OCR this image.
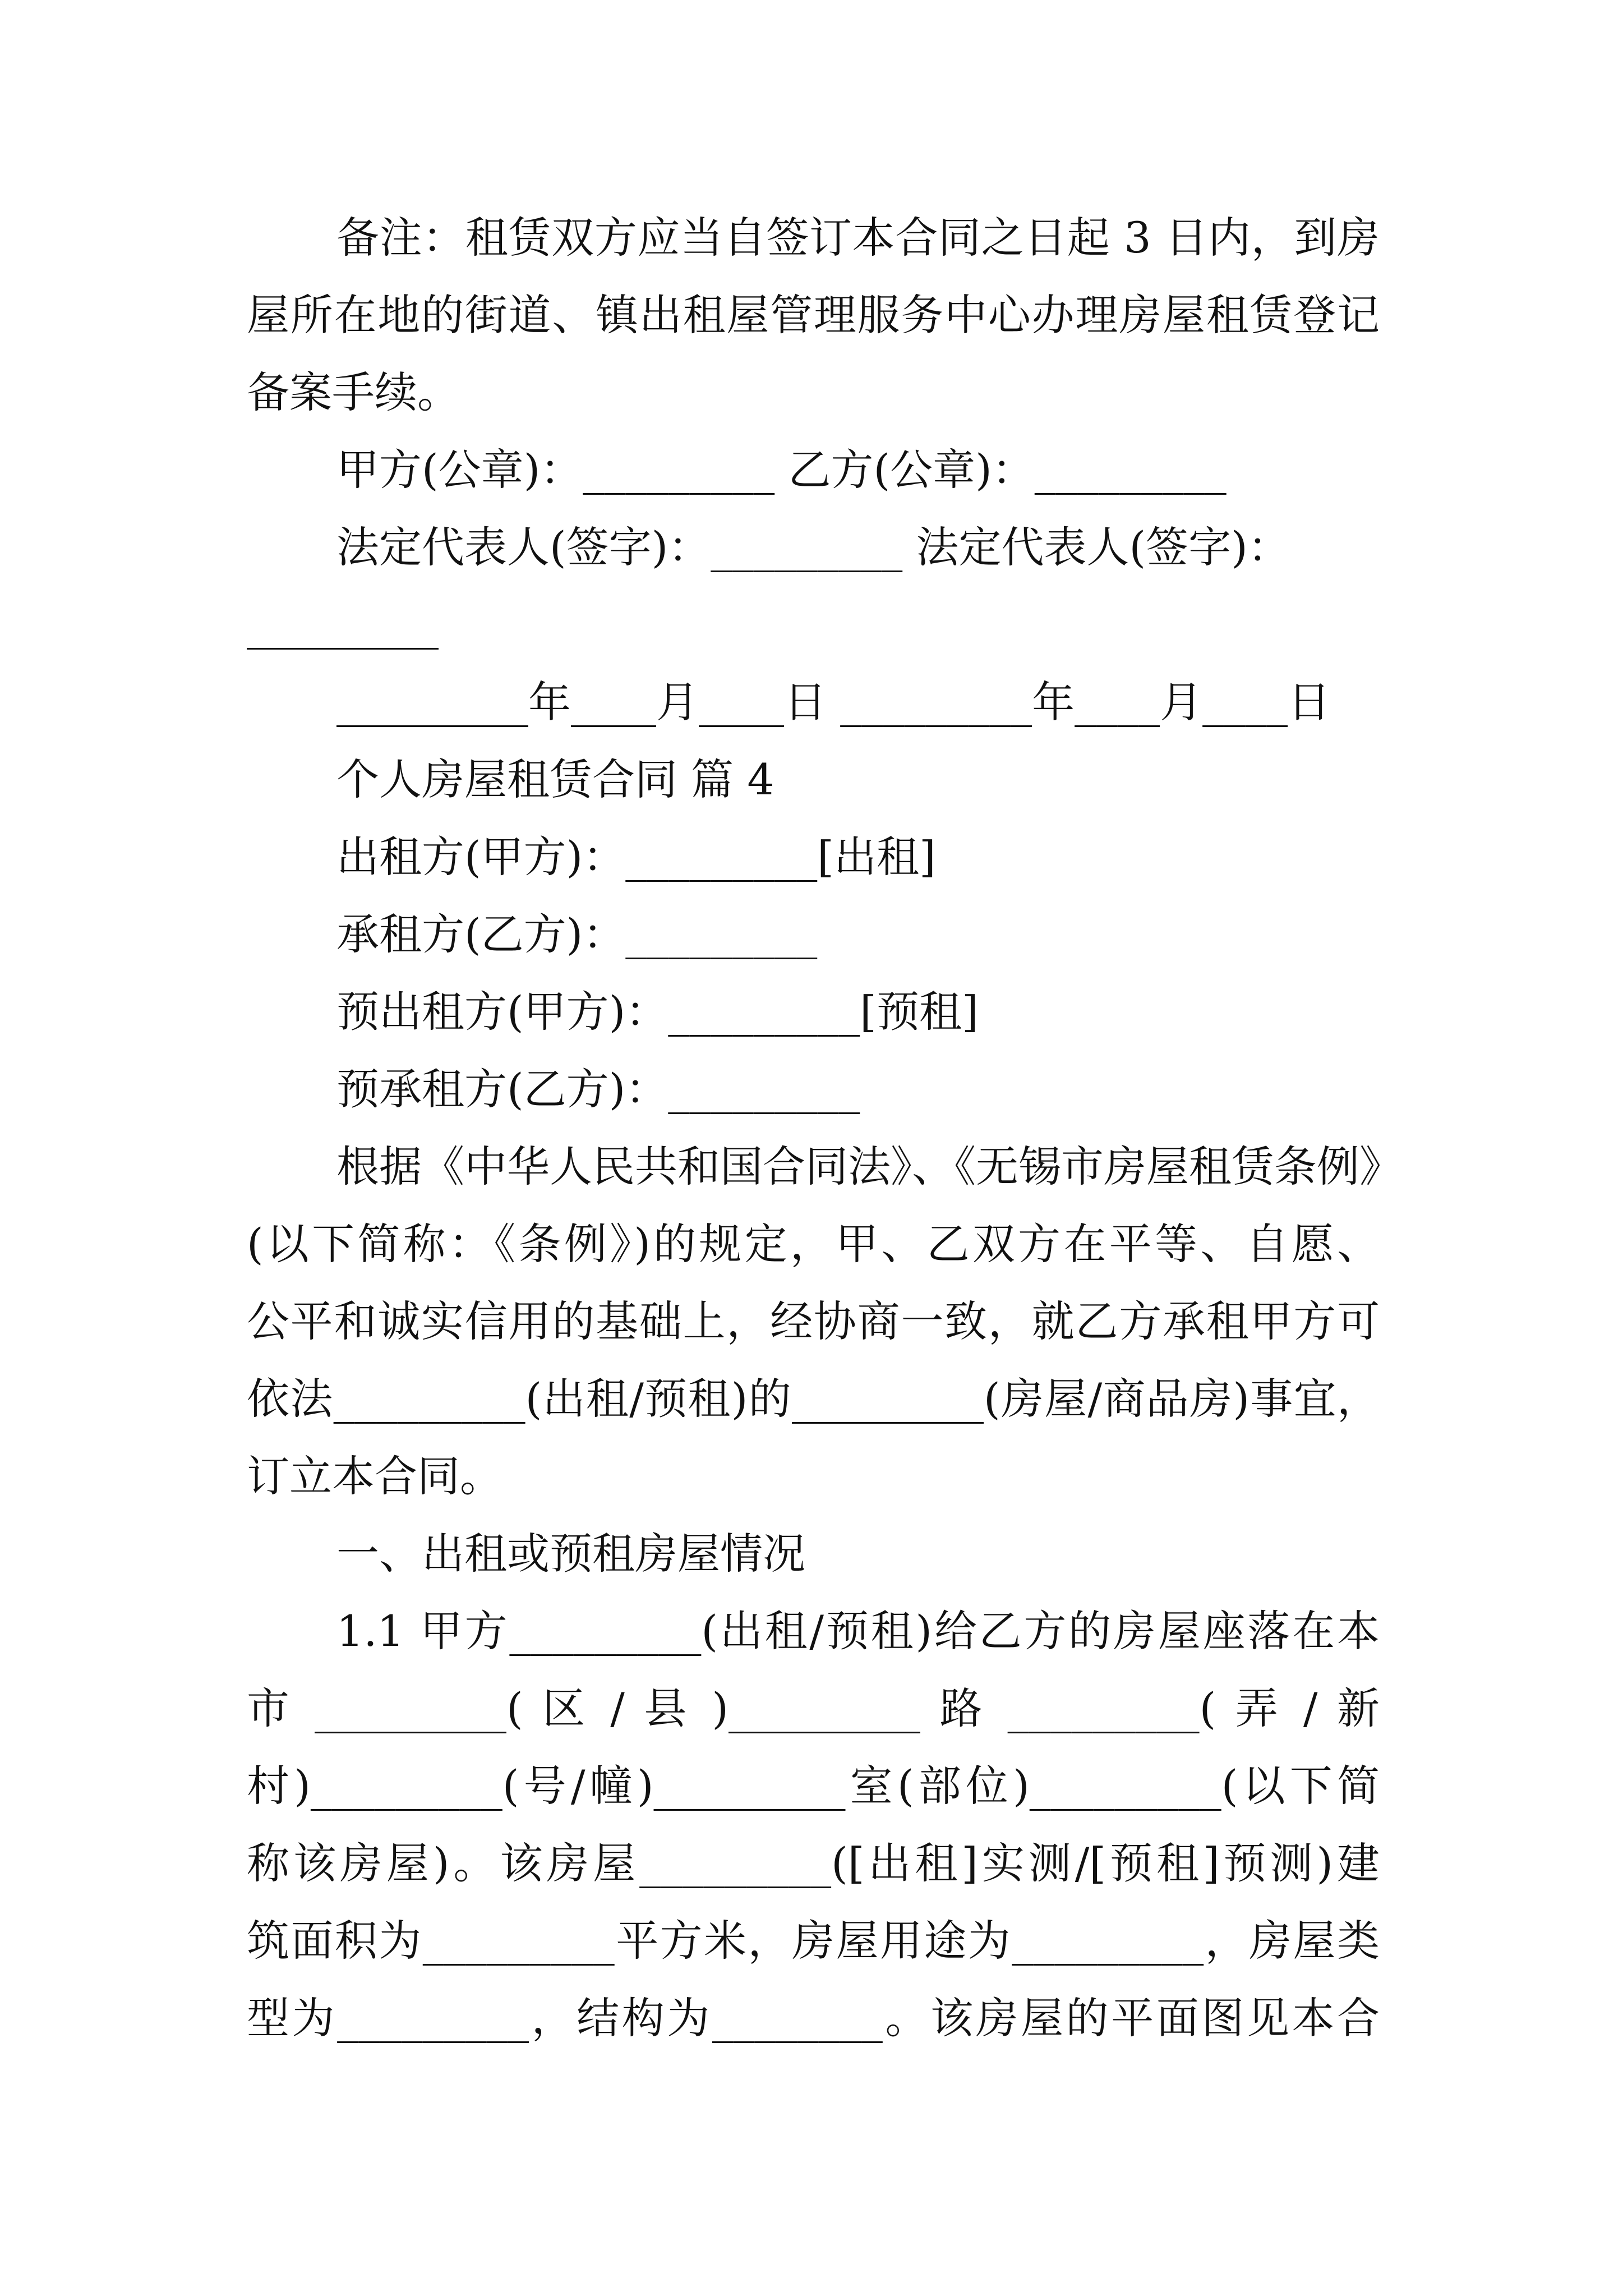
备注：租赁双方应当自签订本合同之日起 3 日内，到房
屋所在地的街道、镇出租屋管理服务中心办理房屋租赁登记
备案手续。
甲方(公章)：_________ 乙方(公章)：_________
法定代表人(签字)：_________ 法定代表人(签字)：
_________
_________年____月____日 _________年____月____日
个人房屋租赁合同 篇 4
出租方(甲方)：_________[出租]
承租方(乙方)：_________
预出租方(甲方)：_________[预租]
预承租方(乙方)：_________
根据《中华人民共和国合同法》、《无锡市房屋租赁条例》
(以下简称：《条例》)的规定，甲、乙双方在平等、自愿、
公平和诚实信用的基础上，经协商一致，就乙方承租甲方可
依法_________(出租/预租)的_________(房屋/商品房)事宜，
订立本合同。
一、出租或预租房屋情况
1.1 甲方_________(出租/预租)给乙方的房屋座落在本
市 _________( 区 / 县 )_________ 路 _________( 弄 / 新
村)_________(号/幢)_________室(部位)_________(以下简
称该房屋)。该房屋_________([出租]实测/[预租]预测)建
筑面积为_________平方米，房屋用途为_________，房屋类
型为_________，结构为________。该房屋的平面图见本合
